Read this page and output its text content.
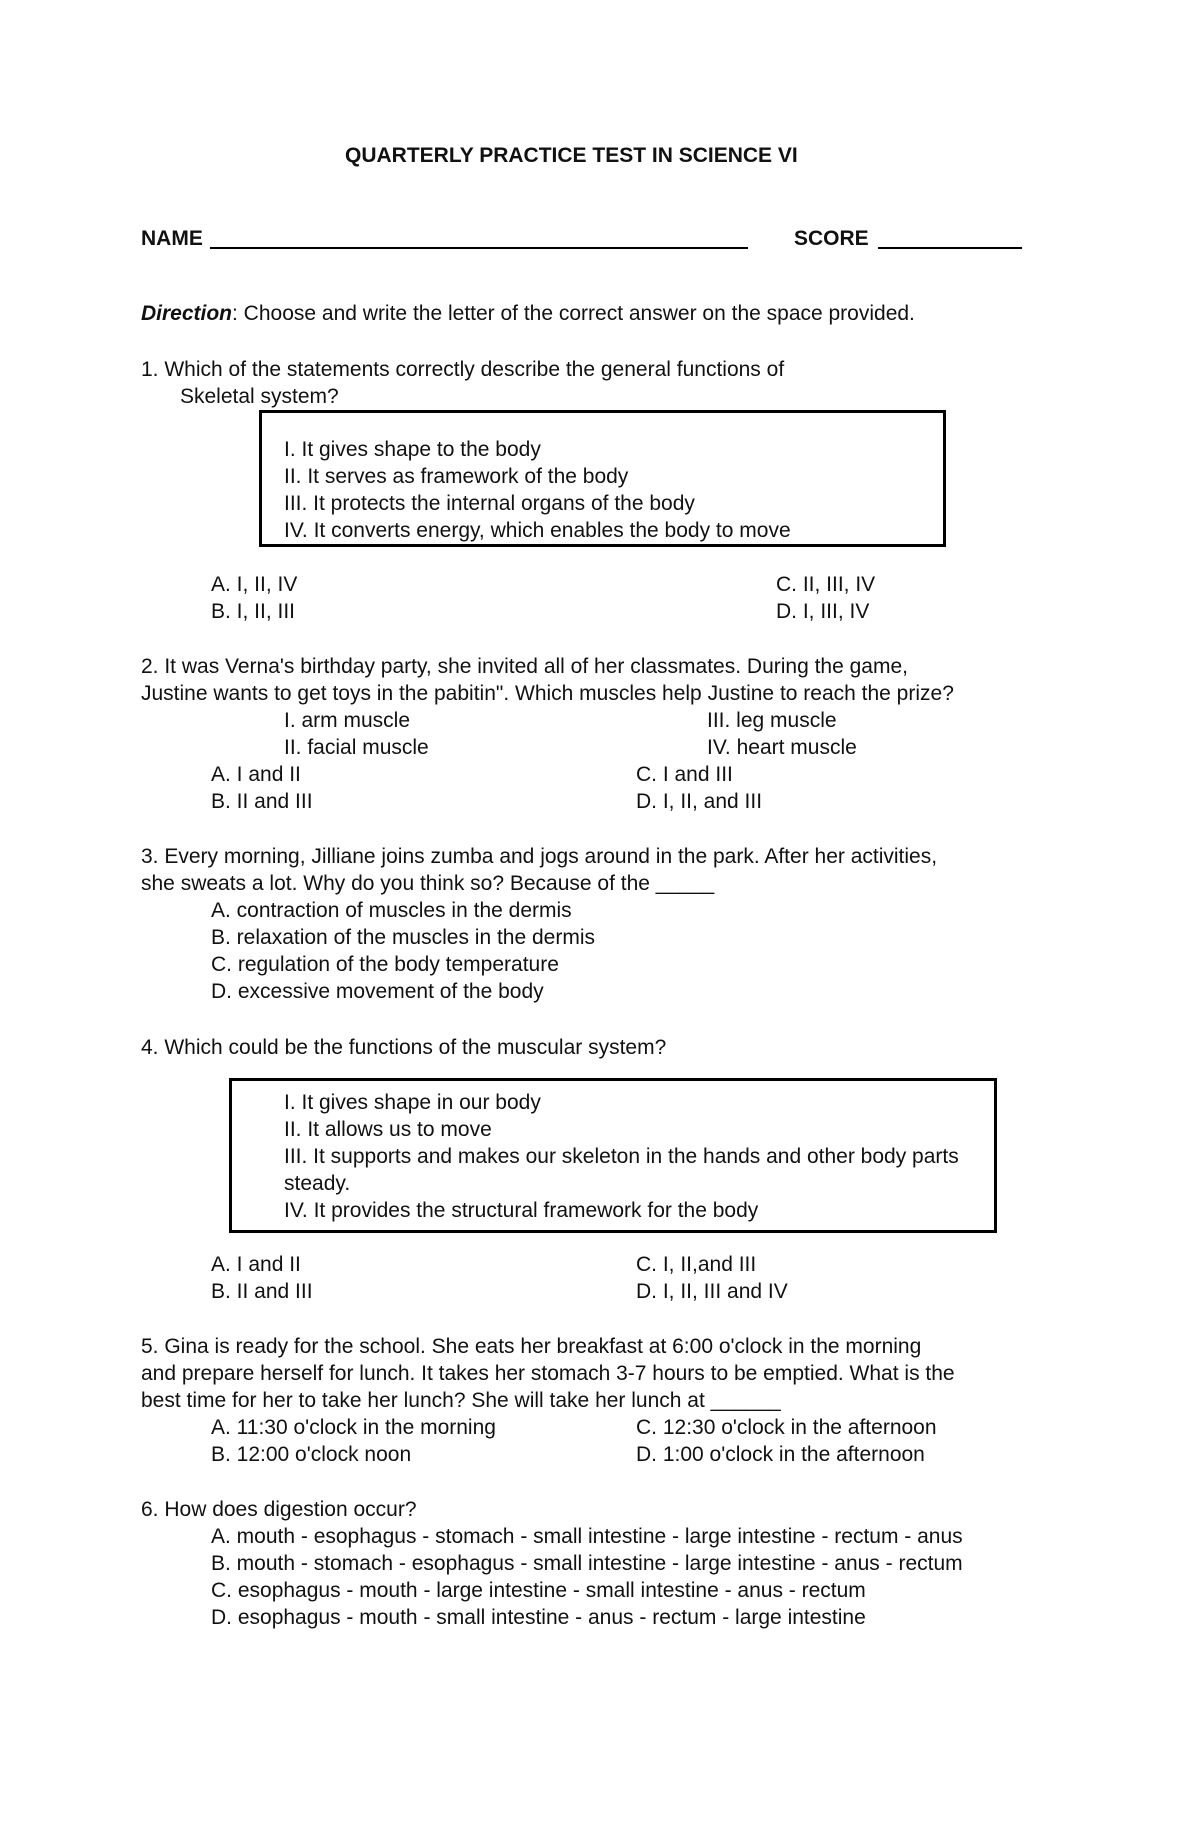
QUARTERLY PRACTICE TEST IN SCIENCE VI
NAME	SCORE
Direction: Choose and write the letter of the correct answer on the space provided.
1. Which of the statements correctly describe the general functions of
Skeletal system?
I. It gives shape to the body
II. It serves as framework of the body
III. It protects the internal organs of the body
IV. It converts energy, which enables the body to move
A. I, II, IV
B. I, II, III
C. II, III, IV
D. I, III, IV
2. It was Verna's birthday party, she invited all of her classmates. During the game,
Justine wants to get toys in the pabitin". Which muscles help Justine to reach the prize?
I. arm muscle	III. leg muscle
II. facial muscle	IV. heart muscle
A. I and II
B. II and III
C. I and III
D. I, II, and III
3. Every morning, Jilliane joins zumba and jogs around in the park. After her activities,
she sweats a lot. Why do you think so? Because of the _____
A. contraction of muscles in the dermis
B. relaxation of the muscles in the dermis
C. regulation of the body temperature
D. excessive movement of the body
4. Which could be the functions of the muscular system?
I. It gives shape in our body
II. It allows us to move
III. It supports and makes our skeleton in the hands and other body parts
steady.
IV. It provides the structural framework for the body
A. I and II
B. II and III
C. I, II,and III
D. I, II, III and IV
5. Gina is ready for the school. She eats her breakfast at 6:00 o'clock in the morning
and prepare herself for lunch. It takes her stomach 3-7 hours to be emptied. What is the
best time for her to take her lunch? She will take her lunch at ______
A. 11:30 o'clock in the morning
B. 12:00 o'clock noon
C. 12:30 o'clock in the afternoon
D. 1:00 o'clock in the afternoon
6. How does digestion occur?
A. mouth - esophagus - stomach - small intestine - large intestine - rectum - anus
B. mouth - stomach - esophagus - small intestine - large intestine - anus - rectum
C. esophagus - mouth - large intestine - small intestine - anus - rectum
D. esophagus - mouth - small intestine - anus - rectum - large intestine
